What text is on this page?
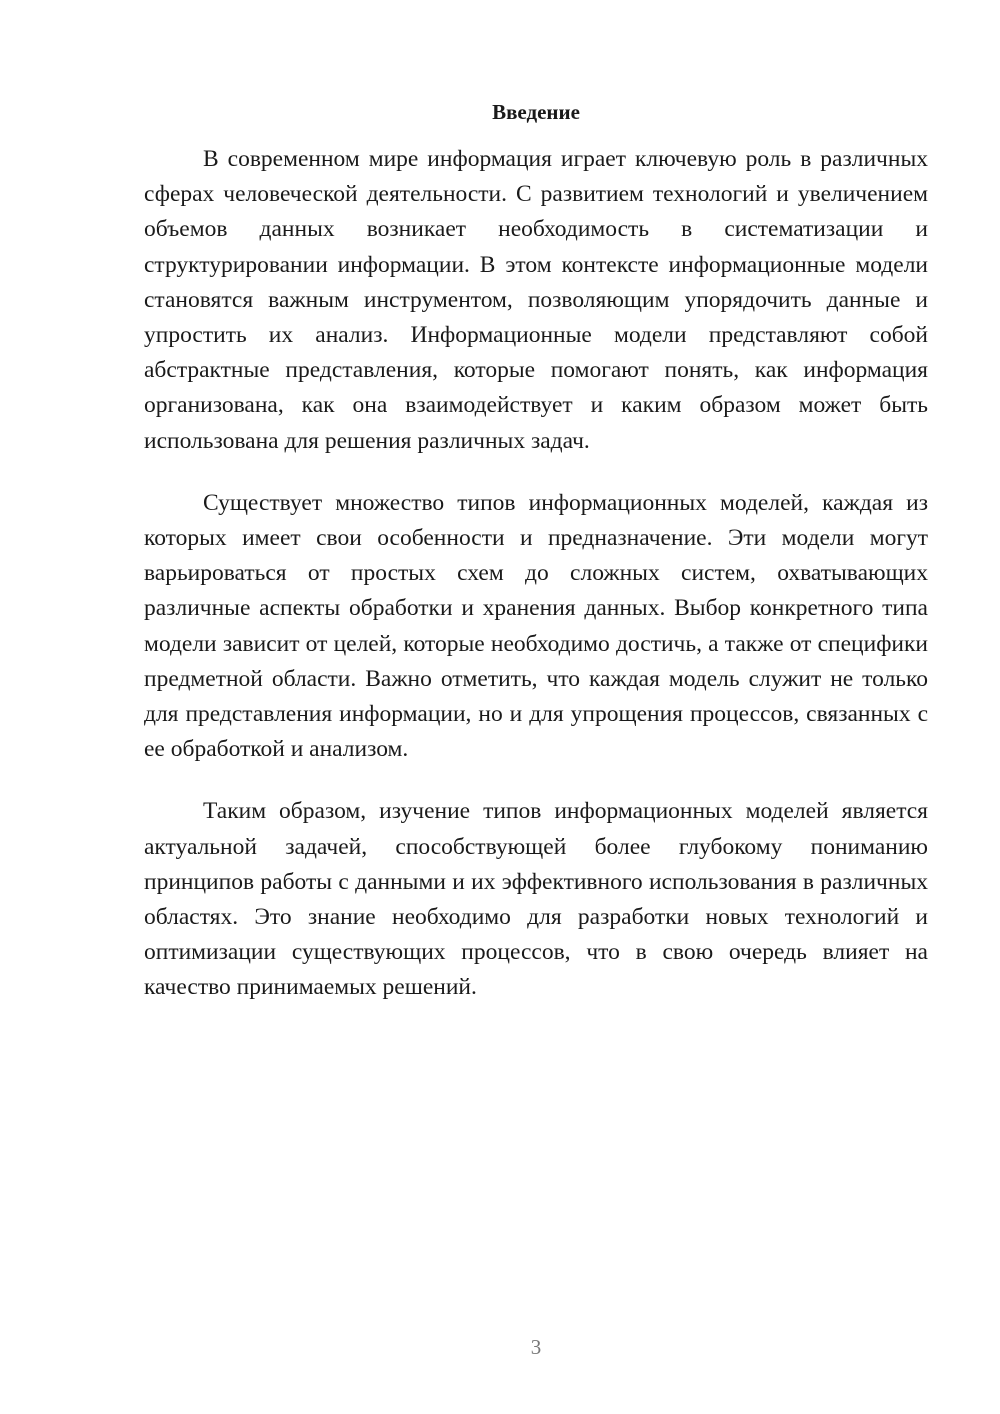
Введение

В современном мире информация играет ключевую роль в различных сферах человеческой деятельности. С развитием технологий и увеличением объемов данных возникает необходимость в систематизации и структурировании информации. В этом контексте информационные модели становятся важным инструментом, позволяющим упорядочить данные и упростить их анализ. Информационные модели представляют собой абстрактные представления, которые помогают понять, как информация организована, как она взаимодействует и каким образом может быть использована для решения различных задач.

Существует множество типов информационных моделей, каждая из которых имеет свои особенности и предназначение. Эти модели могут варьироваться от простых схем до сложных систем, охватывающих различные аспекты обработки и хранения данных. Выбор конкретного типа модели зависит от целей, которые необходимо достичь, а также от специфики предметной области. Важно отметить, что каждая модель служит не только для представления информации, но и для упрощения процессов, связанных с ее обработкой и анализом.

Таким образом, изучение типов информационных моделей является актуальной задачей, способствующей более глубокому пониманию принципов работы с данными и их эффективного использования в различных областях. Это знание необходимо для разработки новых технологий и оптимизации существующих процессов, что в свою очередь влияет на качество принимаемых решений.

3
